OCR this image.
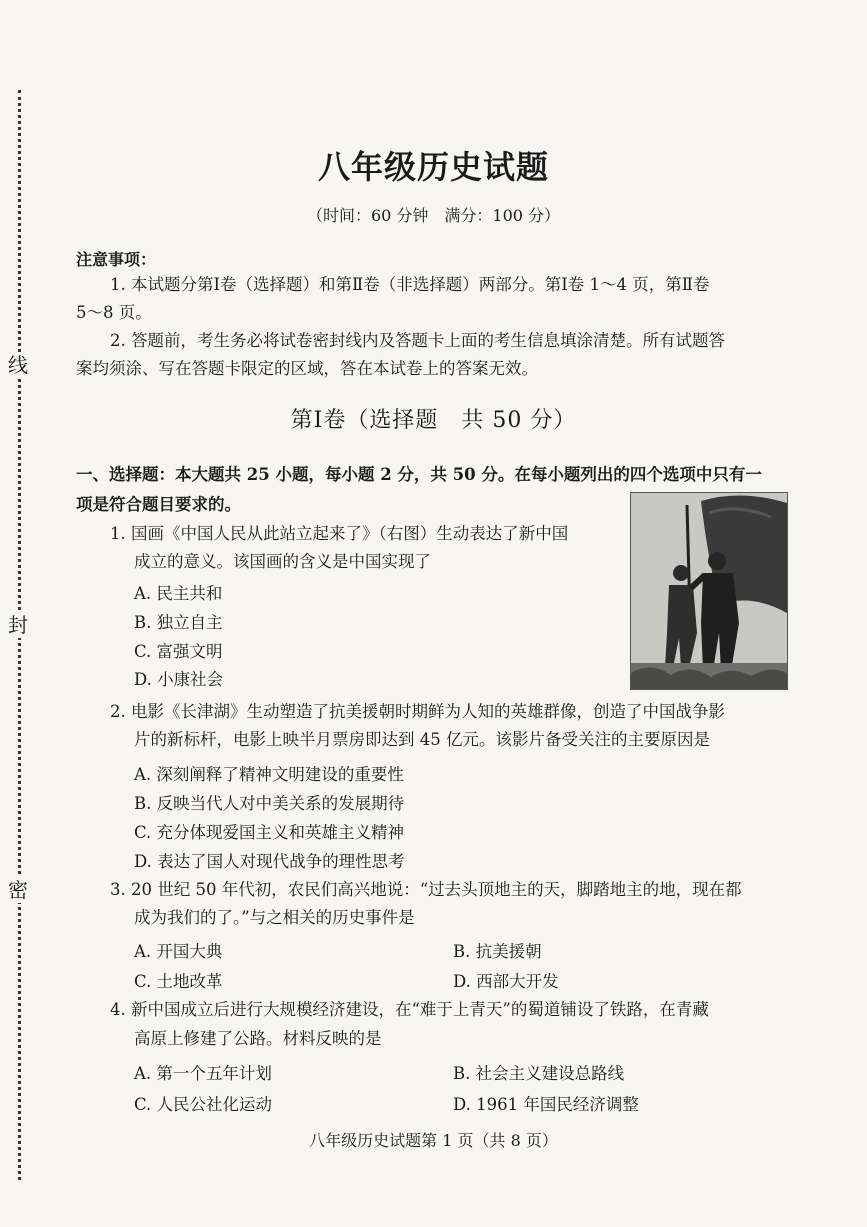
线
封
密
八年级历史试题
（时间：60 分钟　满分：100 分）
注意事项：
1. 本试题分第Ⅰ卷（选择题）和第Ⅱ卷（非选择题）两部分。第Ⅰ卷 1～4 页，第Ⅱ卷
5～8 页。
2. 答题前，考生务必将试卷密封线内及答题卡上面的考生信息填涂清楚。所有试题答
案均须涂、写在答题卡限定的区域，答在本试卷上的答案无效。
第Ⅰ卷（选择题　共 50 分）
一、选择题：本大题共 25 小题，每小题 2 分，共 50 分。在每小题列出的四个选项中只有一
项是符合题目要求的。
1. 国画《中国人民从此站立起来了》（右图）生动表达了新中国
成立的意义。该国画的含义是中国实现了
A. 民主共和
B. 独立自主
C. 富强文明
D. 小康社会
2. 电影《长津湖》生动塑造了抗美援朝时期鲜为人知的英雄群像，创造了中国战争影
片的新标杆，电影上映半月票房即达到 45 亿元。该影片备受关注的主要原因是
A. 深刻阐释了精神文明建设的重要性
B. 反映当代人对中美关系的发展期待
C. 充分体现爱国主义和英雄主义精神
D. 表达了国人对现代战争的理性思考
3. 20 世纪 50 年代初，农民们高兴地说：“过去头顶地主的天，脚踏地主的地，现在都
成为我们的了。”与之相关的历史事件是
A. 开国大典	B. 抗美援朝
C. 土地改革	D. 西部大开发
4. 新中国成立后进行大规模经济建设，在“难于上青天”的蜀道铺设了铁路，在青藏
高原上修建了公路。材料反映的是
A. 第一个五年计划	B. 社会主义建设总路线
C. 人民公社化运动	D. 1961 年国民经济调整
八年级历史试题第 1 页（共 8 页）
